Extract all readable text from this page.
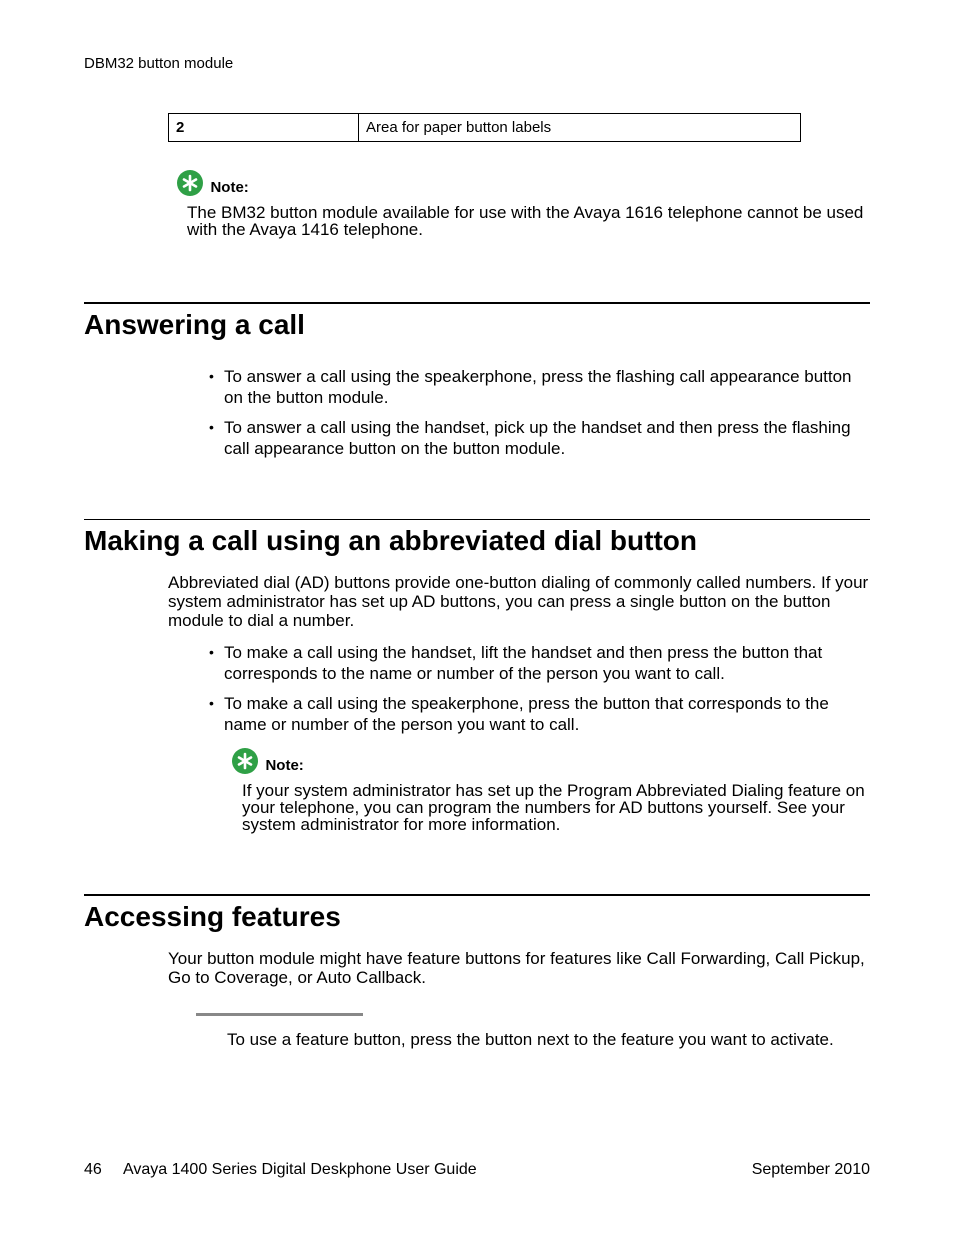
DBM32 button module
2	Area for paper button labels
Note:
The BM32 button module available for use with the Avaya 1616 telephone cannot be used with the Avaya 1416 telephone.
Answering a call
• To answer a call using the speakerphone, press the flashing call appearance button on the button module.
• To answer a call using the handset, pick up the handset and then press the flashing call appearance button on the button module.
Making a call using an abbreviated dial button
Abbreviated dial (AD) buttons provide one-button dialing of commonly called numbers. If your system administrator has set up AD buttons, you can press a single button on the button module to dial a number.
• To make a call using the handset, lift the handset and then press the button that corresponds to the name or number of the person you want to call.
• To make a call using the speakerphone, press the button that corresponds to the name or number of the person you want to call.
Note:
If your system administrator has set up the Program Abbreviated Dialing feature on your telephone, you can program the numbers for AD buttons yourself. See your system administrator for more information.
Accessing features
Your button module might have feature buttons for features like Call Forwarding, Call Pickup, Go to Coverage, or Auto Callback.
To use a feature button, press the button next to the feature you want to activate.
46 Avaya 1400 Series Digital Deskphone User Guide	September 2010
